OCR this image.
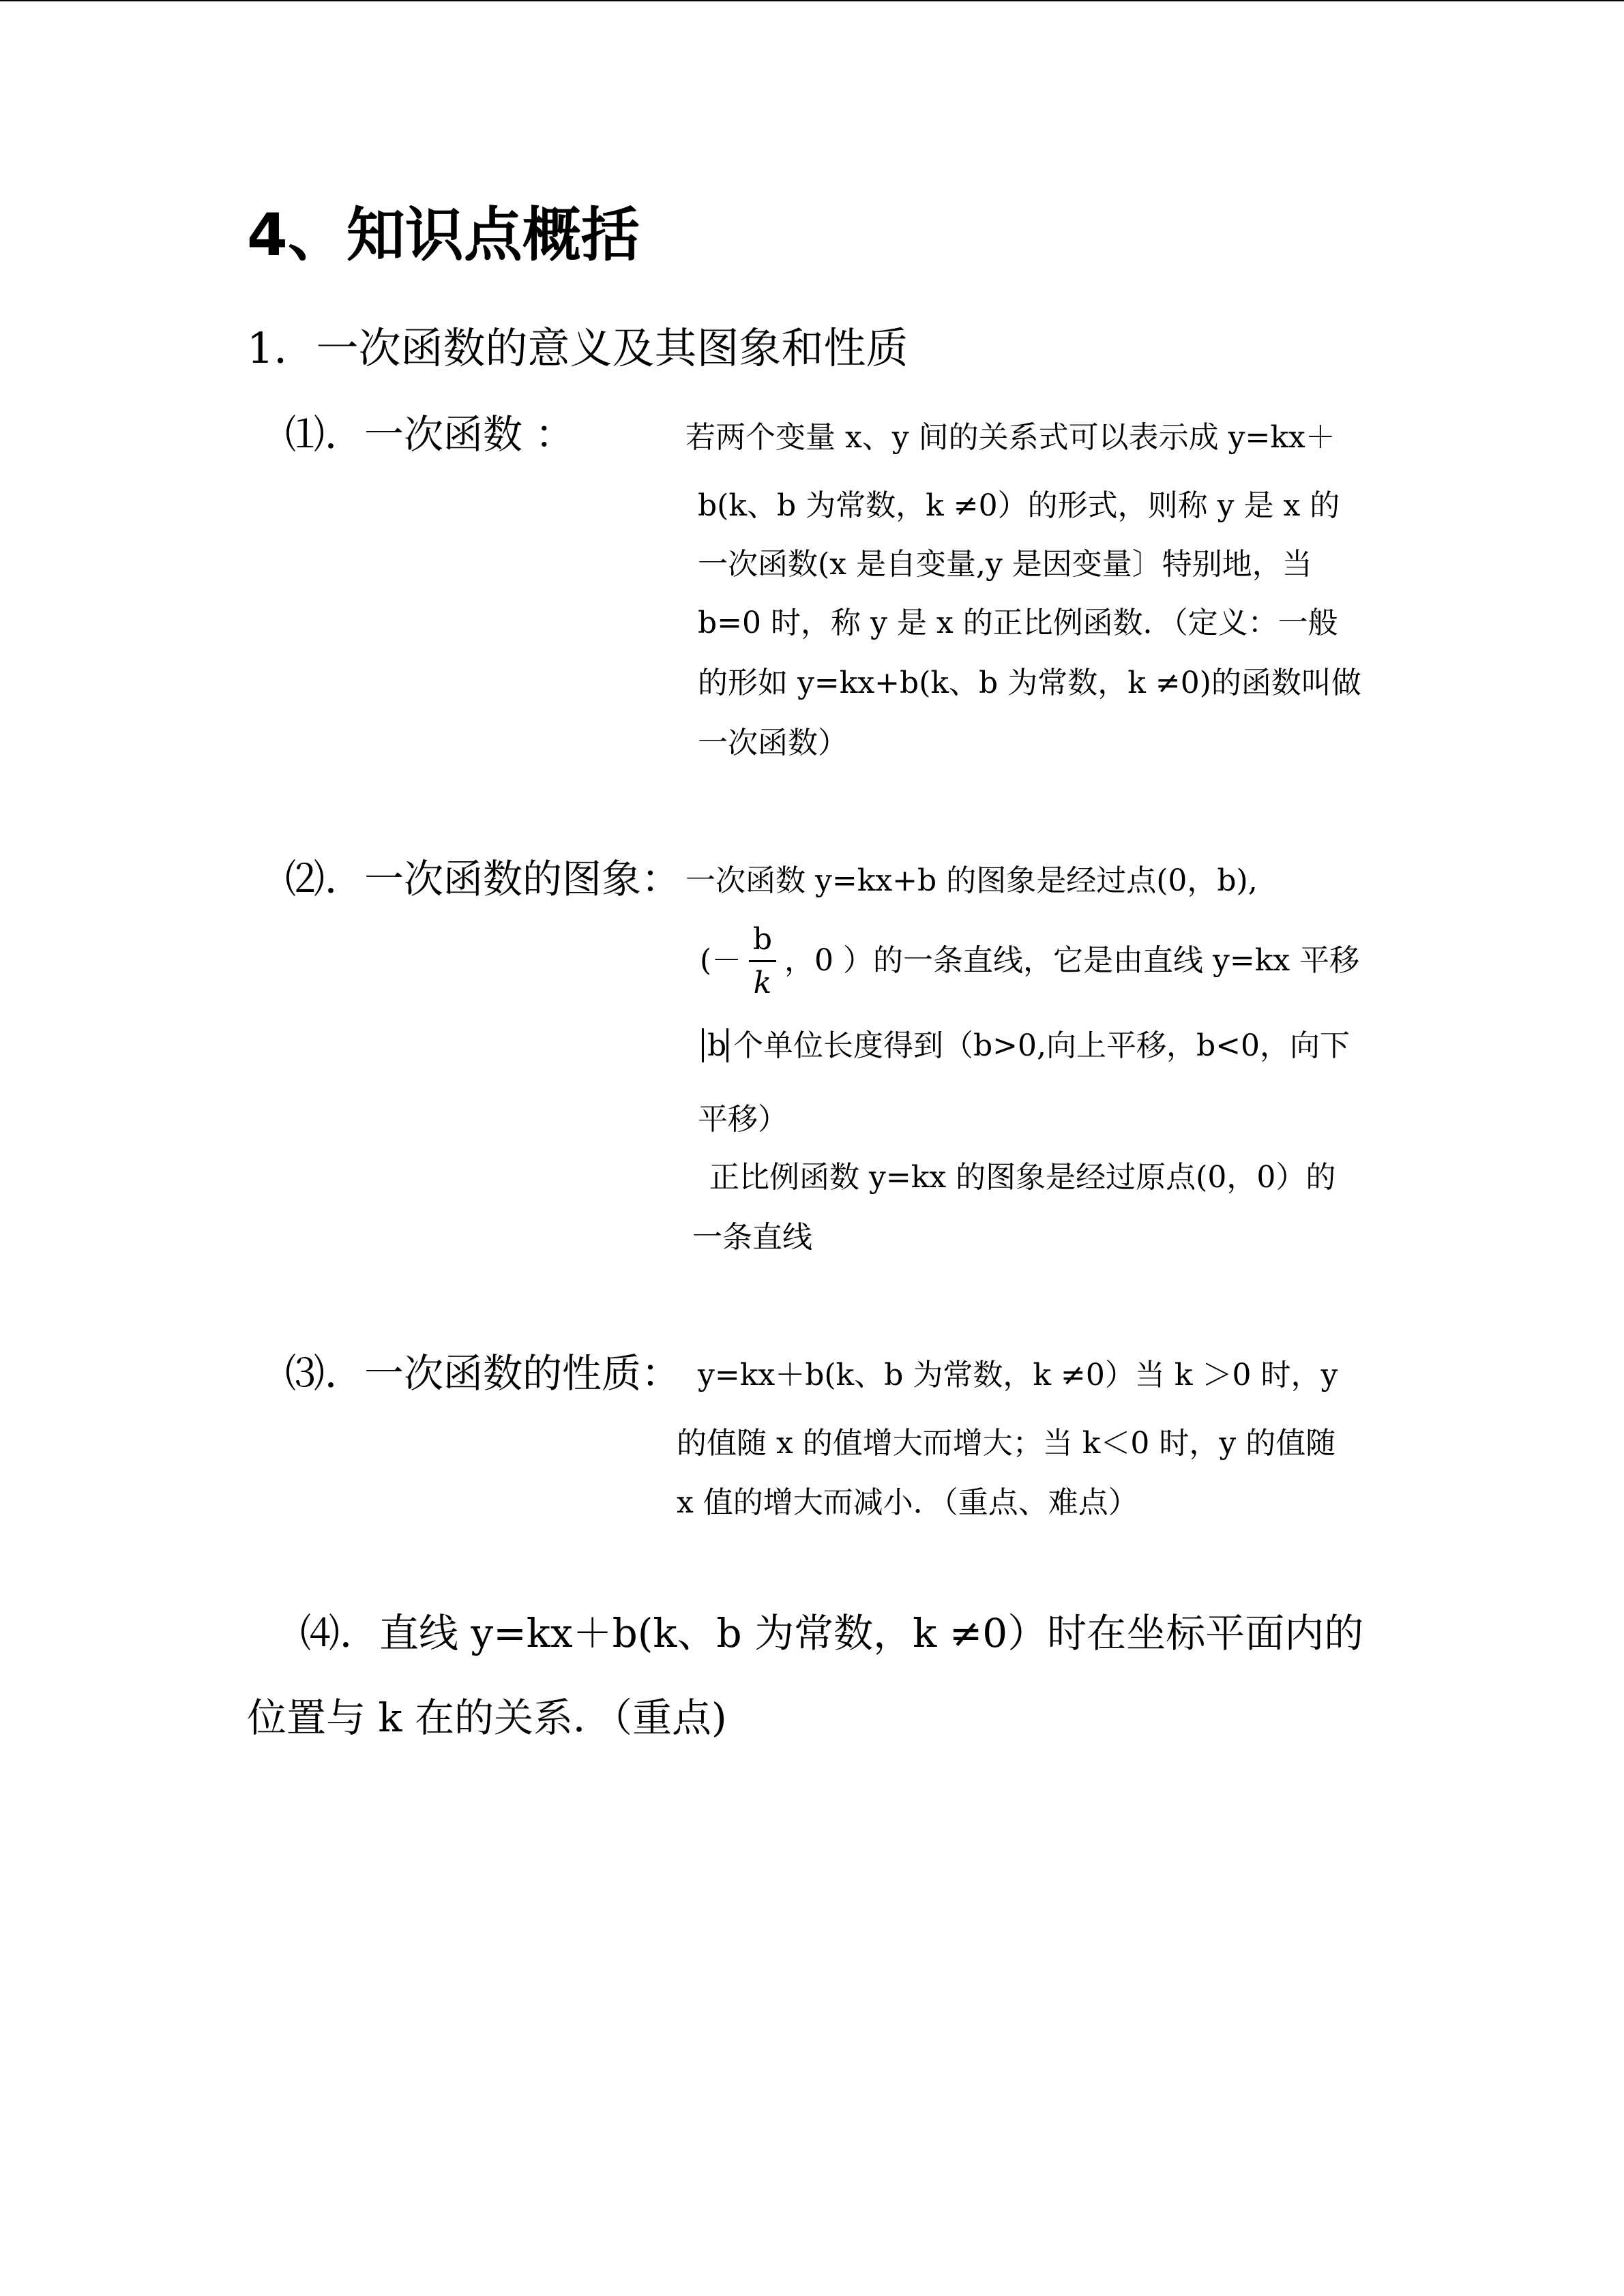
4、知识点概括
1．一次函数的意义及其图象和性质
⑴．一次函数 ：	若两个变量 x、y 间的关系式可以表示成 y=kx＋
b(k、b 为常数，k ≠0）的形式，则称 y 是 x 的
一次函数(x 是自变量,y 是因变量〕特别地，当
b=0 时，称 y 是 x 的正比例函数．（定义：一般
的形如 y=kx+b(k、b 为常数，k ≠0)的函数叫做
一次函数）
⑵．一次函数的图象： 一次函数 y=kx+b 的图象是经过点(0，b),
(－
b
k
，0 ）的一条直线，它是由直线 y=kx 平移
b 个单位长度得到（b>0,向上平移，b<0，向下
平移）
正比例函数 y=kx 的图象是经过原点(0，0）的
一条直线
⑶．一次函数的性质： y=kx＋b(k、b 为常数，k ≠0）当 k ＞0 时，y
的值随 x 的值增大而增大；当 k＜0 时，y 的值随
x 值的增大而减小．（重点、难点）
⑷．直线 y=kx＋b(k、b 为常数，k ≠0）时在坐标平面内的
位置与 k 在的关系．（重点)
